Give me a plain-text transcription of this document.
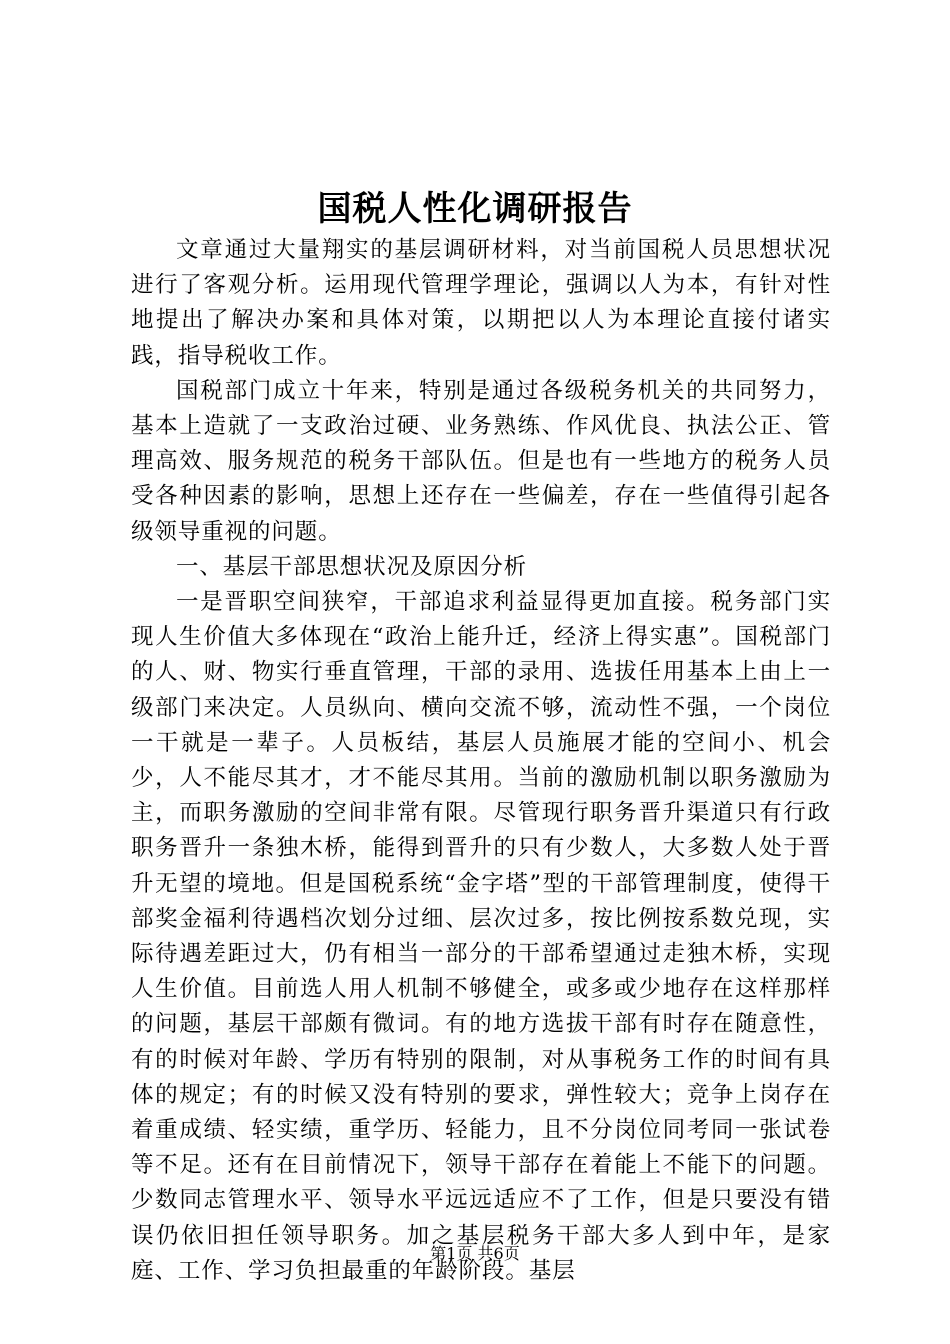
国税人性化调研报告

文章通过大量翔实的基层调研材料，对当前国税人员思想状况进行了客观分析。运用现代管理学理论，强调以人为本，有针对性地提出了解决办案和具体对策，以期把以人为本理论直接付诸实践，指导税收工作。

国税部门成立十年来，特别是通过各级税务机关的共同努力，基本上造就了一支政治过硬、业务熟练、作风优良、执法公正、管理高效、服务规范的税务干部队伍。但是也有一些地方的税务人员受各种因素的影响，思想上还存在一些偏差，存在一些值得引起各级领导重视的问题。

一、基层干部思想状况及原因分析

一是晋职空间狭窄，干部追求利益显得更加直接。税务部门实现人生价值大多体现在“政治上能升迁，经济上得实惠”。国税部门的人、财、物实行垂直管理，干部的录用、选拔任用基本上由上一级部门来决定。人员纵向、横向交流不够，流动性不强，一个岗位一干就是一辈子。人员板结，基层人员施展才能的空间小、机会少，人不能尽其才，才不能尽其用。当前的激励机制以职务激励为主，而职务激励的空间非常有限。尽管现行职务晋升渠道只有行政职务晋升一条独木桥，能得到晋升的只有少数人，大多数人处于晋升无望的境地。但是国税系统“金字塔”型的干部管理制度，使得干部奖金福利待遇档次划分过细、层次过多，按比例按系数兑现，实际待遇差距过大，仍有相当一部分的干部希望通过走独木桥，实现人生价值。目前选人用人机制不够健全，或多或少地存在这样那样的问题，基层干部颇有微词。有的地方选拔干部有时存在随意性，有的时候对年龄、学历有特别的限制，对从事税务工作的时间有具体的规定；有的时候又没有特别的要求，弹性较大；竞争上岗存在着重成绩、轻实绩，重学历、轻能力，且不分岗位同考同一张试卷等不足。还有在目前情况下，领导干部存在着能上不能下的问题。少数同志管理水平、领导水平远远适应不了工作，但是只要没有错误仍依旧担任领导职务。加之基层税务干部大多人到中年，是家庭、工作、学习负担最重的年龄阶段。基层

第1页 共6页
